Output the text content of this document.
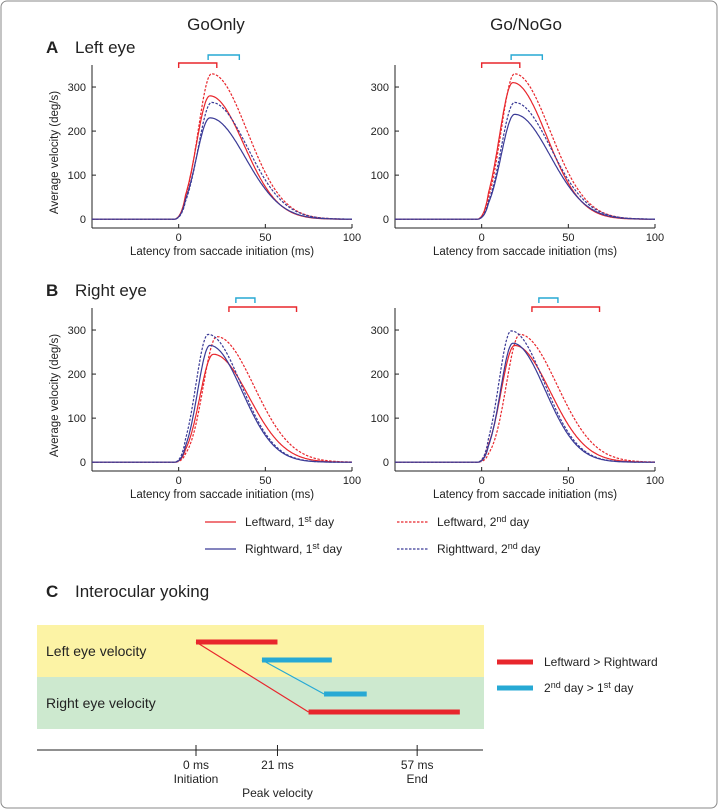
GoOnly	Go/NoGo
A Left eye
B Right eye
C Interocular yoking
0
100
200
300
0	50	100
Latency from saccade initiation (ms)
Average velocity (deg/s)
0
100
200
300
0	50	100
Latency from saccade initiation (ms)
0
100
200
300
0	50	100
Latency from saccade initiation (ms)
Average velocity (deg/s)
0
100
200
300
0	50	100
Latency from saccade initiation (ms)
Leftward, 1st day	Leftward, 2nd day
Rightward, 1st day	Righttward, 2nd day
Left eye velocity
Right eye velocity
0 ms
Initiation
21 ms
Peak velocity
57 ms
End
Leftward > Rightward
2nd day > 1st day
